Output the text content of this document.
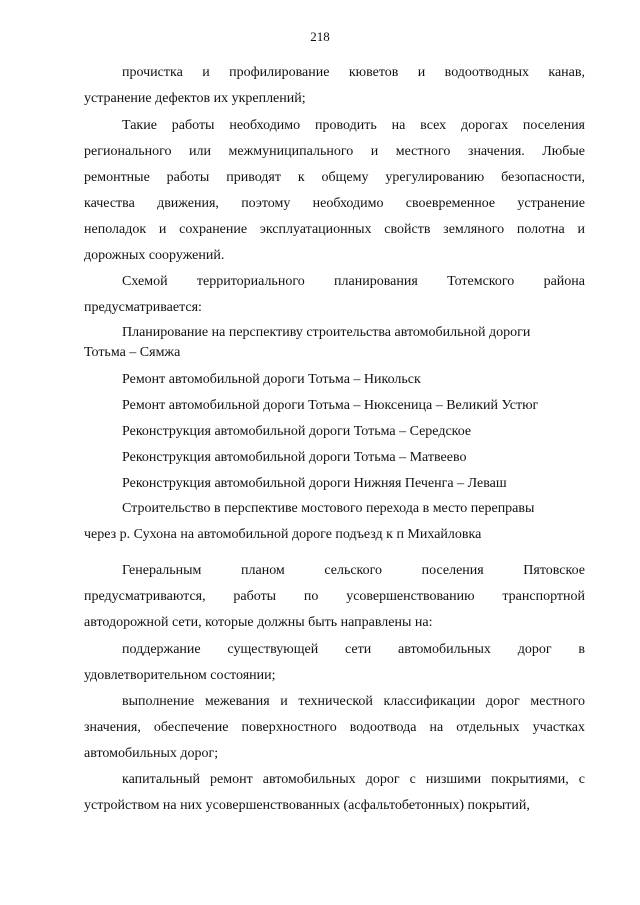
218
прочистка и профилирование кюветов и водоотводных канав,
устранение дефектов их укреплений;
Такие работы необходимо проводить на всех дорогах поселения
регионального или межмуниципального и местного значения. Любые
ремонтные работы приводят к общему урегулированию безопасности,
качества движения, поэтому необходимо своевременное устранение
неполадок и сохранение эксплуатационных свойств земляного полотна и
дорожных сооружений.
Схемой территориального планирования Тотемского района
предусматривается:
Планирование на перспективу строительства автомобильной дороги
Тотьма – Сямжа
Ремонт автомобильной дороги Тотьма – Никольск
Ремонт автомобильной дороги Тотьма – Нюксеница – Великий Устюг
Реконструкция автомобильной дороги Тотьма – Середское
Реконструкция автомобильной дороги Тотьма – Матвеево
Реконструкция автомобильной дороги Нижняя Печенга – Леваш
Строительство в перспективе мостового перехода в место переправы
через р. Сухона на автомобильной дороге подъезд к п Михайловка
Генеральным планом сельского поселения Пятовское
предусматриваются, работы по усовершенствованию транспортной
автодорожной сети, которые должны быть направлены на:
поддержание существующей сети автомобильных дорог в
удовлетворительном состоянии;
выполнение межевания и технической классификации дорог местного
значения, обеспечение поверхностного водоотвода на отдельных участках
автомобильных дорог;
капитальный ремонт автомобильных дорог с низшими покрытиями, с
устройством на них усовершенствованных (асфальтобетонных) покрытий,
